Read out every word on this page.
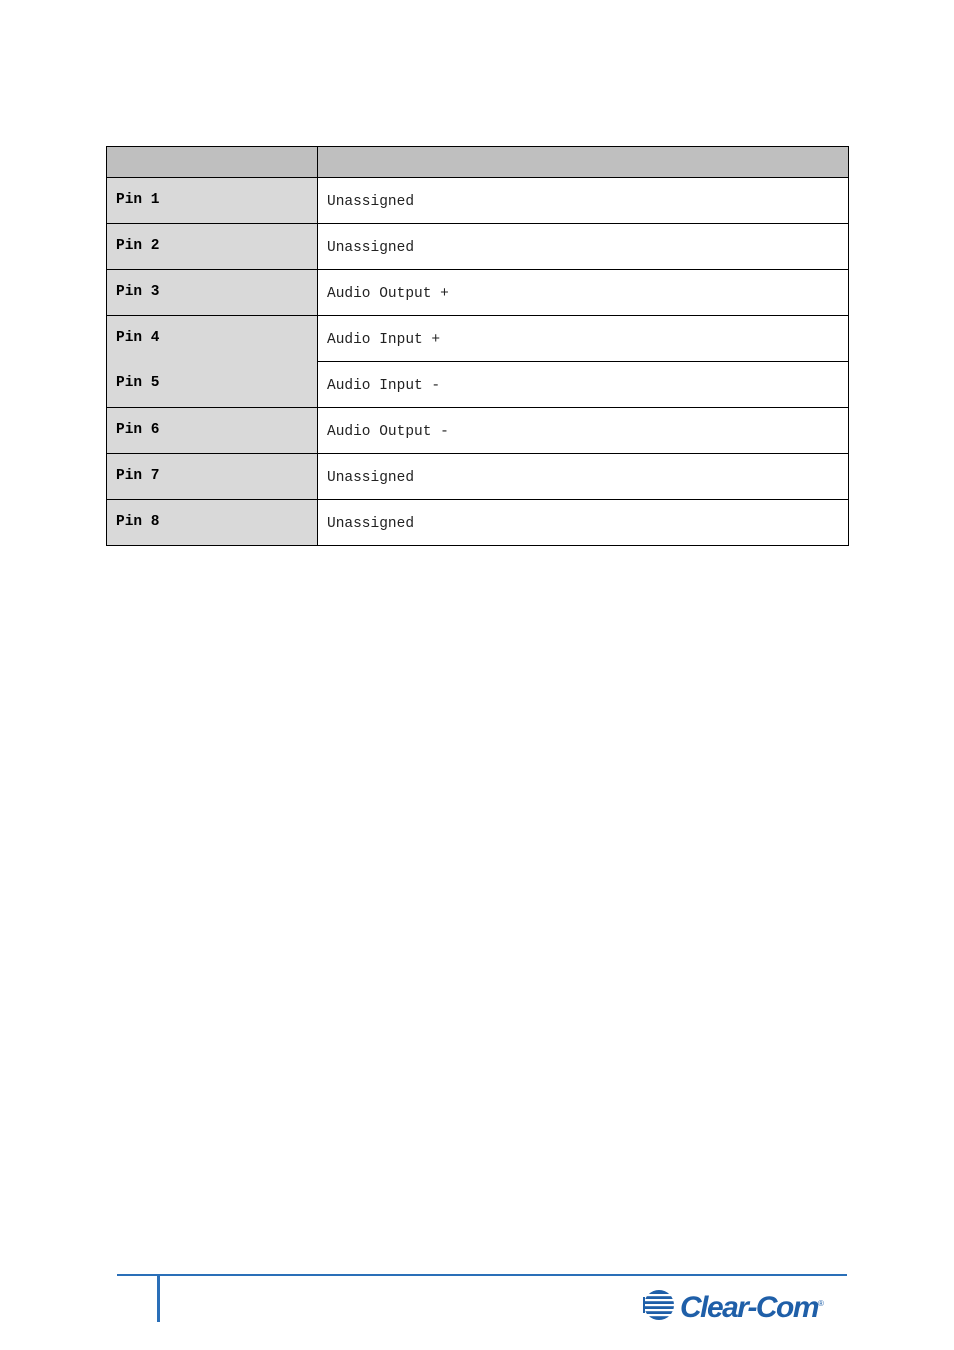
Pin 1	Unassigned

Pin 2	Unassigned

Pin 3	Audio Output +

Pin 4	Audio Input +

Pin 5	Audio Input -

Pin 6	Audio Output -

Pin 7	Unassigned

Pin 8	Unassigned
Clear-Com ®
